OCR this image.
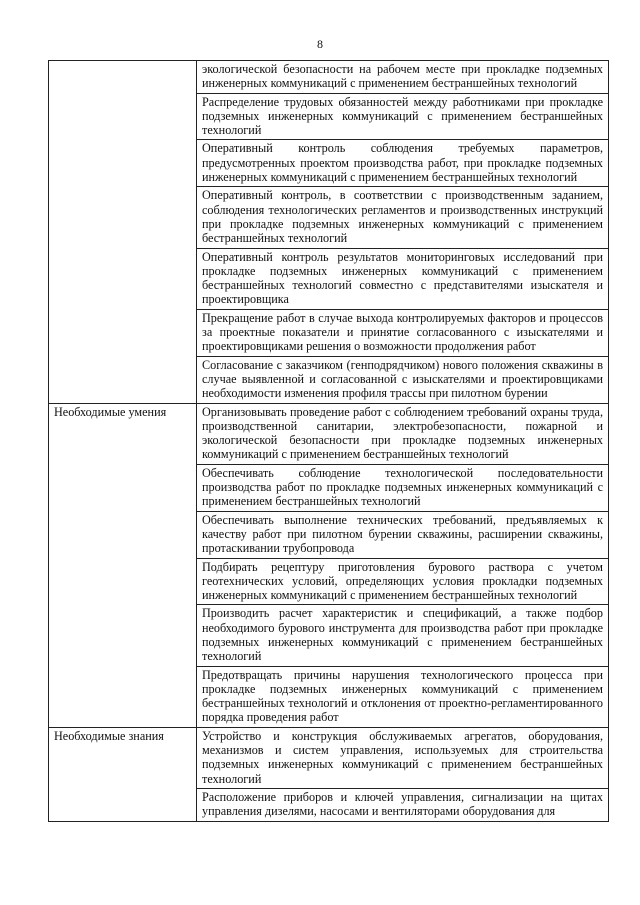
8
	экологической безопасности на рабочем месте при прокладке подземных инженерных коммуникаций с применением бестраншейных технологий
	Распределение трудовых обязанностей между работниками при прокладке подземных инженерных коммуникаций с применением бестраншейных технологий
	Оперативный контроль соблюдения требуемых параметров, предусмотренных проектом производства работ, при прокладке подземных инженерных коммуникаций с применением бестраншейных технологий
	Оперативный контроль, в соответствии с производственным заданием, соблюдения технологических регламентов и производственных инструкций при прокладке подземных инженерных коммуникаций с применением бестраншейных технологий
	Оперативный контроль результатов мониторинговых исследований при прокладке подземных инженерных коммуникаций с применением бестраншейных технологий совместно с представителями изыскателя и проектировщика
	Прекращение работ в случае выхода контролируемых факторов и процессов за проектные показатели и принятие согласованного с изыскателями и проектировщиками решения о возможности продолжения работ
	Согласование с заказчиком (генподрядчиком) нового положения скважины в случае выявленной и согласованной с изыскателями и проектировщиками необходимости изменения профиля трассы при пилотном бурении
Необходимые умения	Организовывать проведение работ с соблюдением требований охраны труда, производственной санитарии, электробезопасности, пожарной и экологической безопасности при прокладке подземных инженерных коммуникаций с применением бестраншейных технологий
	Обеспечивать соблюдение технологической последовательности производства работ по прокладке подземных инженерных коммуникаций с применением бестраншейных технологий
	Обеспечивать выполнение технических требований, предъявляемых к качеству работ при пилотном бурении скважины, расширении скважины, протаскивании трубопровода
	Подбирать рецептуру приготовления бурового раствора с учетом геотехнических условий, определяющих условия прокладки подземных инженерных коммуникаций с применением бестраншейных технологий
	Производить расчет характеристик и спецификаций, а также подбор необходимого бурового инструмента для производства работ при прокладке подземных инженерных коммуникаций с применением бестраншейных технологий
	Предотвращать причины нарушения технологического процесса при прокладке подземных инженерных коммуникаций с применением бестраншейных технологий и отклонения от проектно-регламентированного порядка проведения работ
Необходимые знания	Устройство и конструкция обслуживаемых агрегатов, оборудования, механизмов и систем управления, используемых для строительства подземных инженерных коммуникаций с применением бестраншейных технологий
	Расположение приборов и ключей управления, сигнализации на щитах управления дизелями, насосами и вентиляторами оборудования для
